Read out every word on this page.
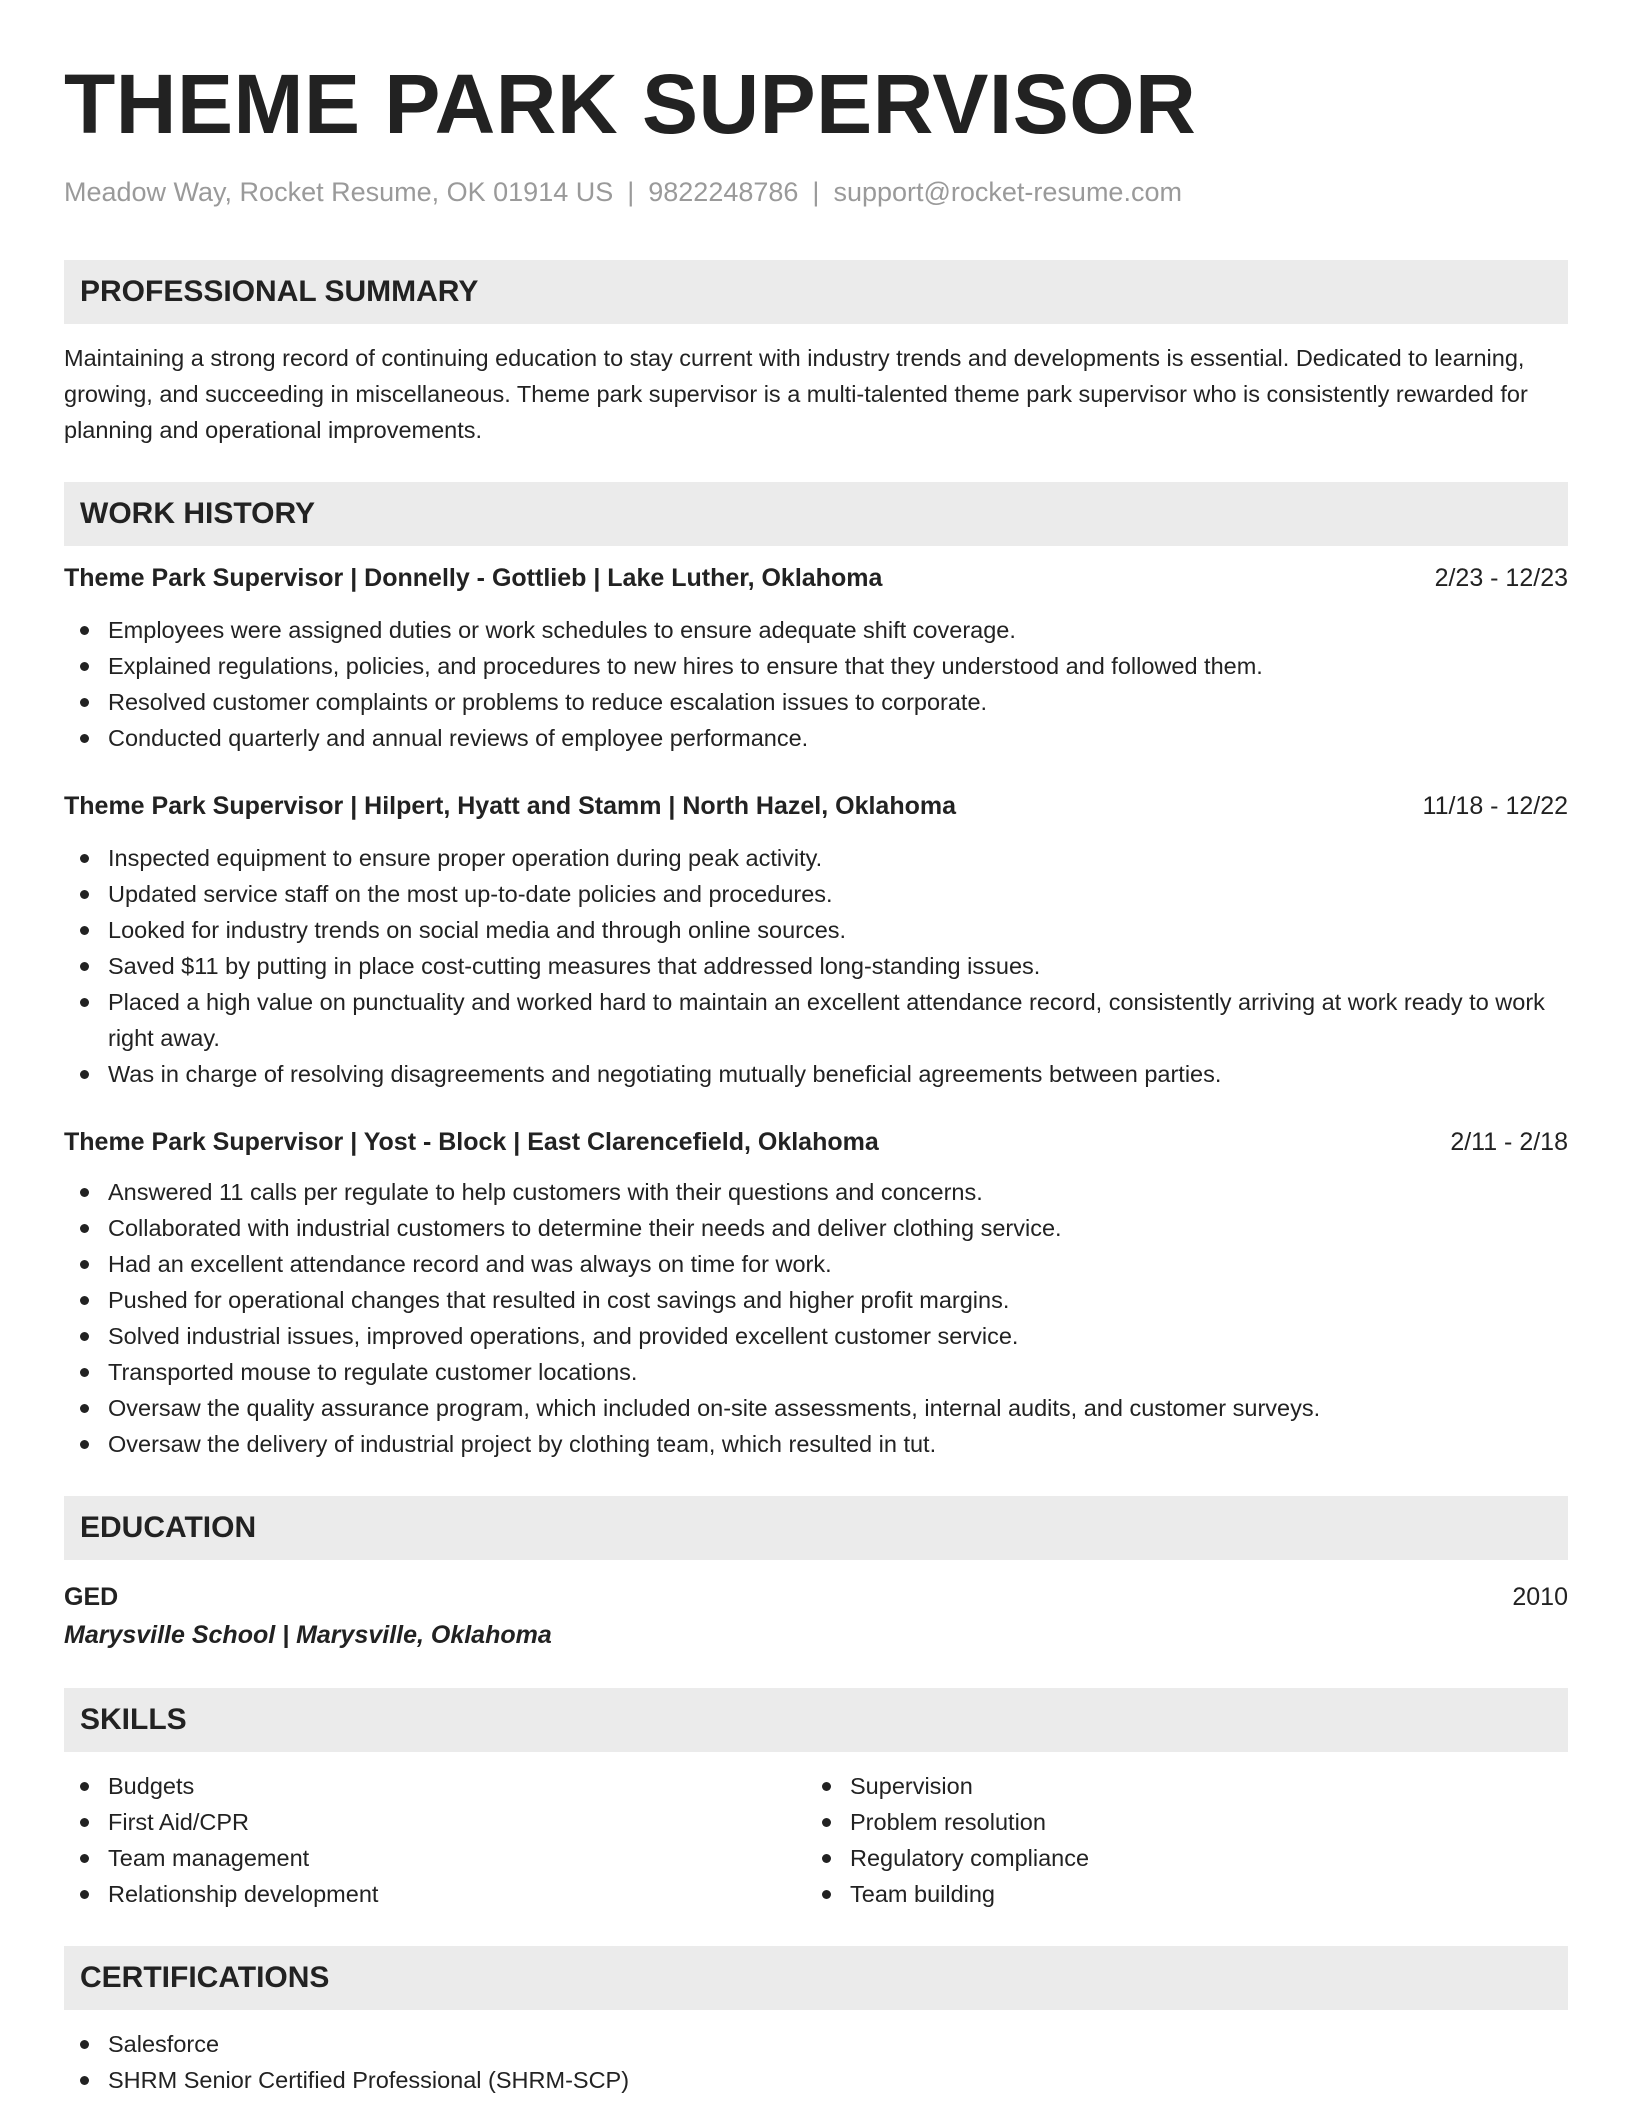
THEME PARK SUPERVISOR
Meadow Way, Rocket Resume, OK 01914 US | 9822248786 | support@rocket-resume.com
PROFESSIONAL SUMMARY
Maintaining a strong record of continuing education to stay current with industry trends and developments is essential. Dedicated to learning, growing, and succeeding in miscellaneous. Theme park supervisor is a multi-talented theme park supervisor who is consistently rewarded for planning and operational improvements.
WORK HISTORY
Theme Park Supervisor | Donnelly - Gottlieb | Lake Luther, Oklahoma	2/23 - 12/23
Employees were assigned duties or work schedules to ensure adequate shift coverage.
Explained regulations, policies, and procedures to new hires to ensure that they understood and followed them.
Resolved customer complaints or problems to reduce escalation issues to corporate.
Conducted quarterly and annual reviews of employee performance.
Theme Park Supervisor | Hilpert, Hyatt and Stamm | North Hazel, Oklahoma	11/18 - 12/22
Inspected equipment to ensure proper operation during peak activity.
Updated service staff on the most up-to-date policies and procedures.
Looked for industry trends on social media and through online sources.
Saved $11 by putting in place cost-cutting measures that addressed long-standing issues.
Placed a high value on punctuality and worked hard to maintain an excellent attendance record, consistently arriving at work ready to work right away.
Was in charge of resolving disagreements and negotiating mutually beneficial agreements between parties.
Theme Park Supervisor | Yost - Block | East Clarencefield, Oklahoma	2/11 - 2/18
Answered 11 calls per regulate to help customers with their questions and concerns.
Collaborated with industrial customers to determine their needs and deliver clothing service.
Had an excellent attendance record and was always on time for work.
Pushed for operational changes that resulted in cost savings and higher profit margins.
Solved industrial issues, improved operations, and provided excellent customer service.
Transported mouse to regulate customer locations.
Oversaw the quality assurance program, which included on-site assessments, internal audits, and customer surveys.
Oversaw the delivery of industrial project by clothing team, which resulted in tut.
EDUCATION
GED	2010
Marysville School | Marysville, Oklahoma
SKILLS
Budgets
First Aid/CPR
Team management
Relationship development
Supervision
Problem resolution
Regulatory compliance
Team building
CERTIFICATIONS
Salesforce
SHRM Senior Certified Professional (SHRM-SCP)
